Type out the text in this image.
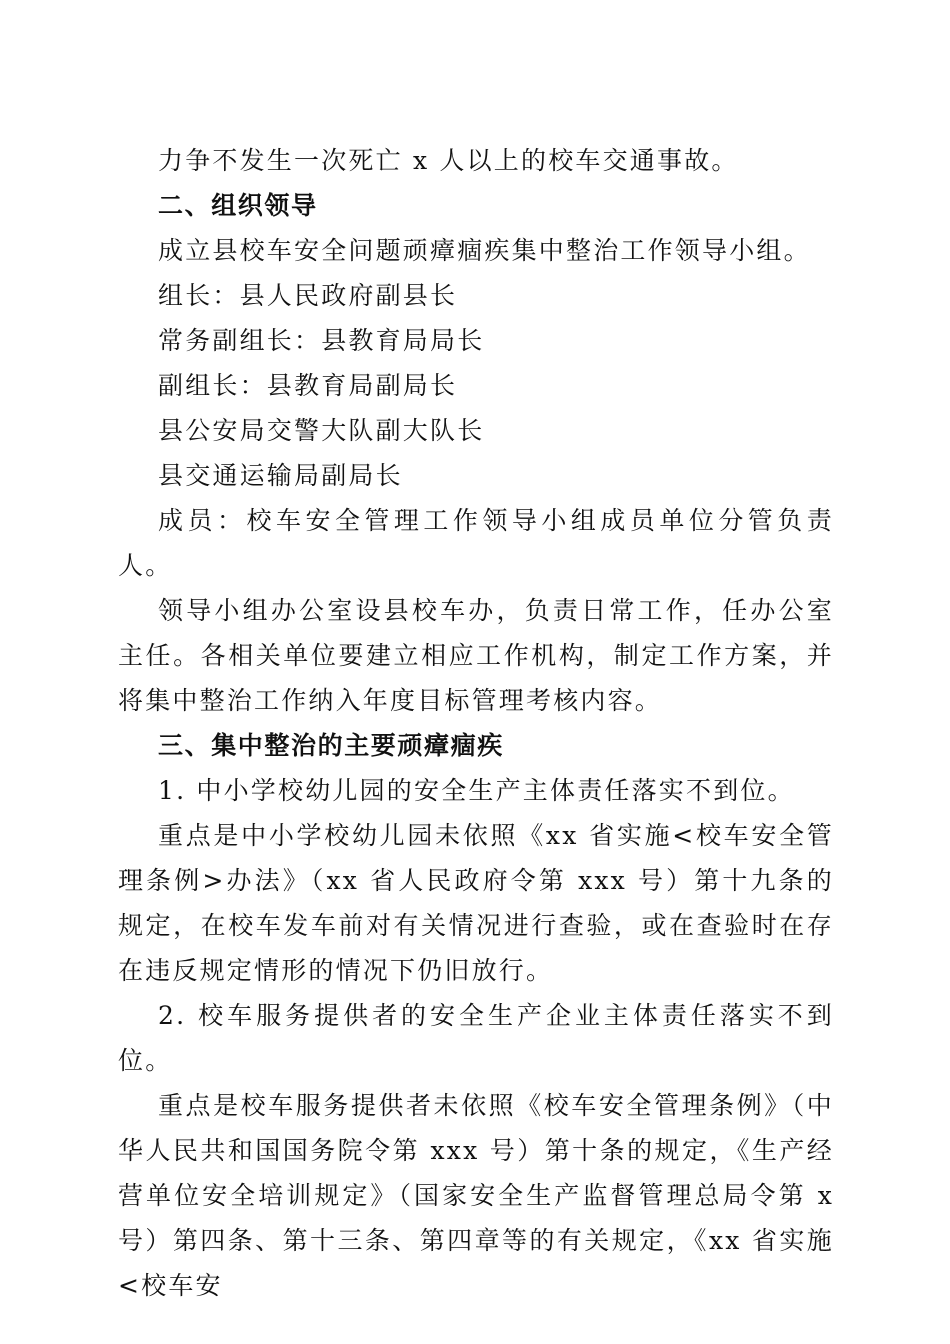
力争不发生一次死亡 x 人以上的校车交通事故。

二、组织领导

成立县校车安全问题顽瘴痼疾集中整治工作领导小组。

组长：县人民政府副县长

常务副组长：县教育局局长

副组长：县教育局副局长

县公安局交警大队副大队长

县交通运输局副局长

成员：校车安全管理工作领导小组成员单位分管负责人。

领导小组办公室设县校车办，负责日常工作，任办公室主任。各相关单位要建立相应工作机构，制定工作方案，并将集中整治工作纳入年度目标管理考核内容。

三、集中整治的主要顽瘴痼疾

1. 中小学校幼儿园的安全生产主体责任落实不到位。

重点是中小学校幼儿园未依照《xx 省实施<校车安全管理条例>办法》（xx 省人民政府令第 xxx 号）第十九条的规定，在校车发车前对有关情况进行查验，或在查验时在存在违反规定情形的情况下仍旧放行。

2. 校车服务提供者的安全生产企业主体责任落实不到位。

重点是校车服务提供者未依照《校车安全管理条例》（中华人民共和国国务院令第 xxx 号）第十条的规定，《生产经营单位安全培训规定》（国家安全生产监督管理总局令第 x 号）第四条、第十三条、第四章等的有关规定，《xx 省实施<校车安
